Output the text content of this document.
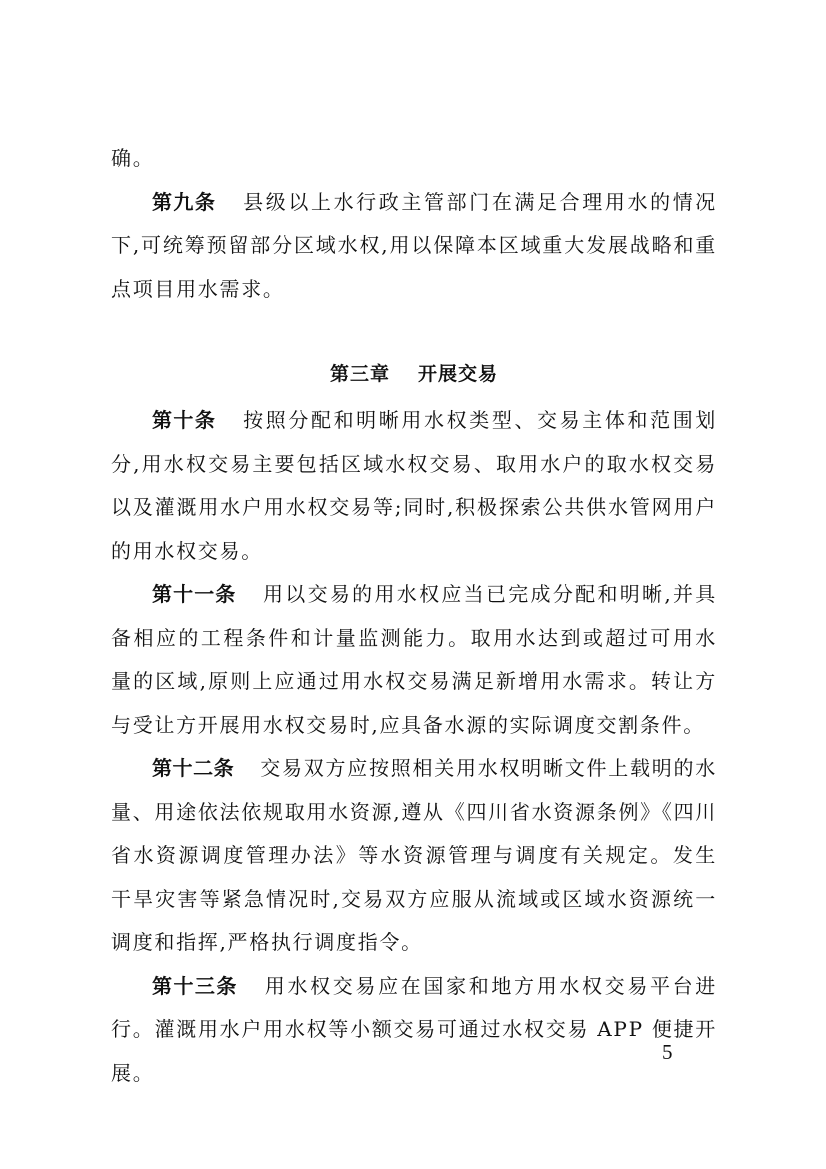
确。

第九条 县级以上水行政主管部门在满足合理用水的情况下,可统筹预留部分区域水权,用以保障本区域重大发展战略和重点项目用水需求。

第三章 开展交易

第十条 按照分配和明晰用水权类型、交易主体和范围划分,用水权交易主要包括区域水权交易、取用水户的取水权交易以及灌溉用水户用水权交易等;同时,积极探索公共供水管网用户的用水权交易。

第十一条 用以交易的用水权应当已完成分配和明晰,并具备相应的工程条件和计量监测能力。取用水达到或超过可用水量的区域,原则上应通过用水权交易满足新增用水需求。转让方与受让方开展用水权交易时,应具备水源的实际调度交割条件。

第十二条 交易双方应按照相关用水权明晰文件上载明的水量、用途依法依规取用水资源,遵从《四川省水资源条例》《四川省水资源调度管理办法》等水资源管理与调度有关规定。发生干旱灾害等紧急情况时,交易双方应服从流域或区域水资源统一调度和指挥,严格执行调度指令。

第十三条 用水权交易应在国家和地方用水权交易平台进行。灌溉用水户用水权等小额交易可通过水权交易 APP 便捷开展。

5
